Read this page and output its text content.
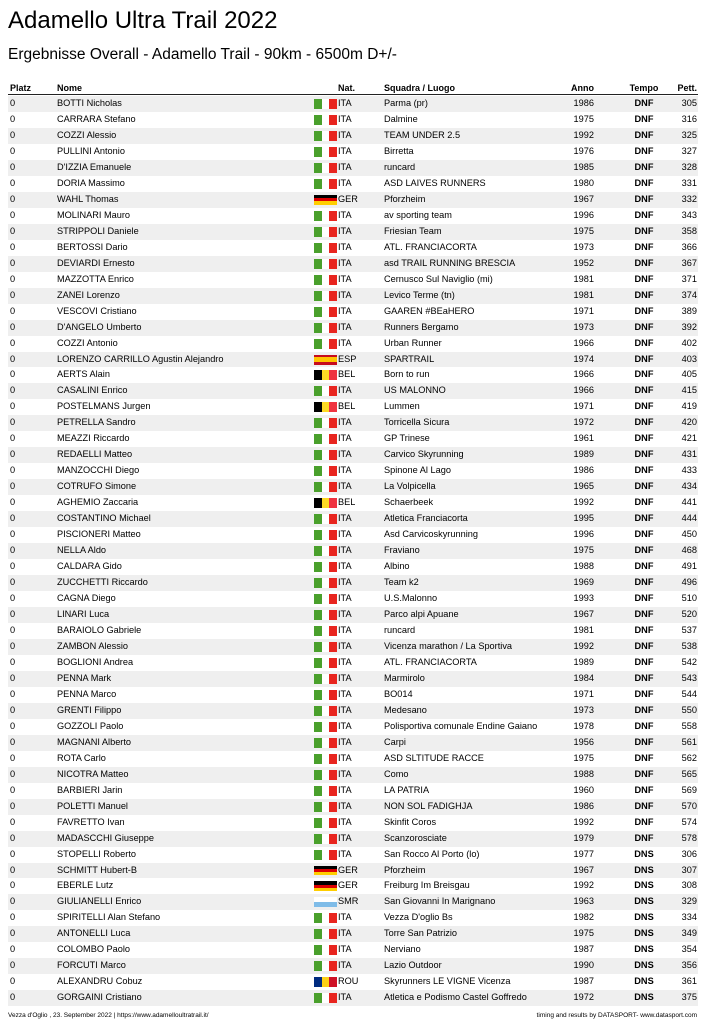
Adamello Ultra Trail 2022
Ergebnisse Overall - Adamello Trail - 90km - 6500m D+/-
Platz	Nome	Nat.	Squadra / Luogo	Anno	Tempo	Pett.
0	BOTTI Nicholas	ITA	Parma (pr)	1986	DNF	305
0	CARRARA Stefano	ITA	Dalmine	1975	DNF	316
0	COZZI Alessio	ITA	TEAM UNDER 2.5	1992	DNF	325
0	PULLINI Antonio	ITA	Birretta	1976	DNF	327
0	D'IZZIA Emanuele	ITA	runcard	1985	DNF	328
0	DORIA Massimo	ITA	ASD LAIVES RUNNERS	1980	DNF	331
0	WAHL Thomas	GER	Pforzheim	1967	DNF	332
0	MOLINARI Mauro	ITA	av sporting team	1996	DNF	343
0	STRIPPOLI Daniele	ITA	Friesian Team	1975	DNF	358
0	BERTOSSI Dario	ITA	ATL. FRANCIACORTA	1973	DNF	366
0	DEVIARDI Ernesto	ITA	asd TRAIL RUNNING BRESCIA	1952	DNF	367
0	MAZZOTTA Enrico	ITA	Cernusco Sul Naviglio (mi)	1981	DNF	371
0	ZANEI Lorenzo	ITA	Levico Terme (tn)	1981	DNF	374
0	VESCOVI Cristiano	ITA	GAAREN #BEaHERO	1971	DNF	389
0	D'ANGELO Umberto	ITA	Runners Bergamo	1973	DNF	392
0	COZZI Antonio	ITA	Urban Runner	1966	DNF	402
0	LORENZO CARRILLO Agustin Alejandro	ESP	SPARTRAIL	1974	DNF	403
0	AERTS Alain	BEL	Born to run	1966	DNF	405
0	CASALINI Enrico	ITA	US MALONNO	1966	DNF	415
0	POSTELMANS Jurgen	BEL	Lummen	1971	DNF	419
0	PETRELLA Sandro	ITA	Torricella Sicura	1972	DNF	420
0	MEAZZI Riccardo	ITA	GP Trinese	1961	DNF	421
0	REDAELLI Matteo	ITA	Carvico Skyrunning	1989	DNF	431
0	MANZOCCHI Diego	ITA	Spinone Al Lago	1986	DNF	433
0	COTRUFO Simone	ITA	La Volpicella	1965	DNF	434
0	AGHEMIO Zaccaria	BEL	Schaerbeek	1992	DNF	441
0	COSTANTINO Michael	ITA	Atletica Franciacorta	1995	DNF	444
0	PISCIONERI Matteo	ITA	Asd Carvicoskyrunning	1996	DNF	450
0	NELLA Aldo	ITA	Fraviano	1975	DNF	468
0	CALDARA Gido	ITA	Albino	1988	DNF	491
0	ZUCCHETTI Riccardo	ITA	Team k2	1969	DNF	496
0	CAGNA Diego	ITA	U.S.Malonno	1993	DNF	510
0	LINARI Luca	ITA	Parco alpi Apuane	1967	DNF	520
0	BARAIOLO Gabriele	ITA	runcard	1981	DNF	537
0	ZAMBON Alessio	ITA	Vicenza marathon / La Sportiva	1992	DNF	538
0	BOGLIONI Andrea	ITA	ATL. FRANCIACORTA	1989	DNF	542
0	PENNA Mark	ITA	Marmirolo	1984	DNF	543
0	PENNA Marco	ITA	BO014	1971	DNF	544
0	GRENTI Filippo	ITA	Medesano	1973	DNF	550
0	GOZZOLI Paolo	ITA	Polisportiva comunale Endine Gaiano	1978	DNF	558
0	MAGNANI Alberto	ITA	Carpi	1956	DNF	561
0	ROTA Carlo	ITA	ASD SLTITUDE RACCE	1975	DNF	562
0	NICOTRA Matteo	ITA	Como	1988	DNF	565
0	BARBIERI Jarin	ITA	LA PATRIA	1960	DNF	569
0	POLETTI Manuel	ITA	NON SOL FADIGHJA	1986	DNF	570
0	FAVRETTO Ivan	ITA	Skinfit Coros	1992	DNF	574
0	MADASCCHI Giuseppe	ITA	Scanzorosciate	1979	DNF	578
0	STOPELLI Roberto	ITA	San Rocco Al Porto (lo)	1977	DNS	306
0	SCHMITT Hubert-B	GER	Pforzheim	1967	DNS	307
0	EBERLE Lutz	GER	Freiburg Im Breisgau	1992	DNS	308
0	GIULIANELLI Enrico	SMR	San Giovanni In Marignano	1963	DNS	329
0	SPIRITELLI Alan Stefano	ITA	Vezza D'oglio Bs	1982	DNS	334
0	ANTONELLI Luca	ITA	Torre San Patrizio	1975	DNS	349
0	COLOMBO Paolo	ITA	Nerviano	1987	DNS	354
0	FORCUTI Marco	ITA	Lazio Outdoor	1990	DNS	356
0	ALEXANDRU Cobuz	ROU	Skyrunners LE VIGNE Vicenza	1987	DNS	361
0	GORGAINI Cristiano	ITA	Atletica e Podismo Castel Goffredo	1972	DNS	375
Vezza d'Oglio , 23. September 2022 | https://www.adamelloultratrail.it/	timing and results by DATASPORT- www.datasport.com
